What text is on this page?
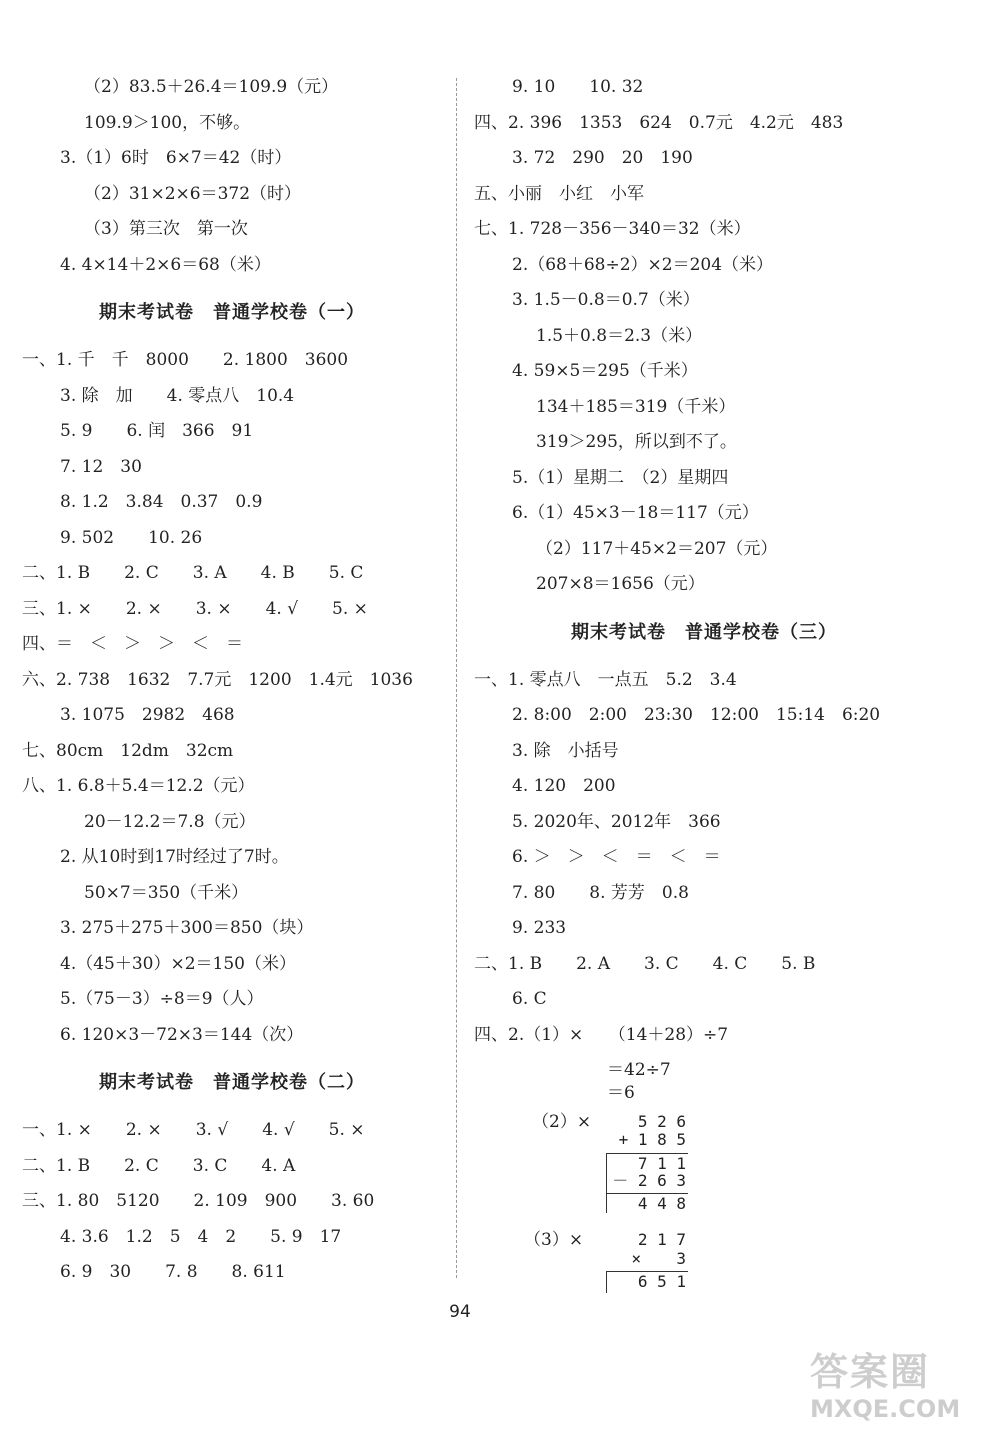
（2）83.5＋26.4＝109.9（元）
109.9＞100，不够。
3.（1）6时　6×7＝42（时）
（2）31×2×6＝372（时）
（3）第三次　第一次
4. 4×14＋2×6＝68（米）
期末考试卷　普通学校卷（一）
一、1. 千　千　8000　　2. 1800　3600
3. 除　加　　4. 零点八　10.4
5. 9　　6. 闰　366　91
7. 12　30
8. 1.2　3.84　0.37　0.9
9. 502　　10. 26
二、1. B　　2. C　　3. A　　4. B　　5. C
三、1. ×　　2. ×　　3. ×　　4. √　　5. ×
四、＝　＜　＞　＞　＜　＝
六、2. 738　1632　7.7元　1200　1.4元　1036
3. 1075　2982　468
七、80cm　12dm　32cm
八、1. 6.8＋5.4＝12.2（元）
20－12.2＝7.8（元）
2. 从10时到17时经过了7时。
50×7＝350（千米）
3. 275＋275＋300＝850（块）
4.（45＋30）×2＝150（米）
5.（75－3）÷8＝9（人）
6. 120×3－72×3＝144（次）
期末考试卷　普通学校卷（二）
一、1. ×　　2. ×　　3. √　　4. √　　5. ×
二、1. B　　2. C　　3. C　　4. A
三、1. 80　5120　　2. 109　900　　3. 60
4. 3.6　1.2　5　4　2　　5. 9　17
6. 9　30　　7. 8　　8. 611
9. 10　　10. 32
四、2. 396　1353　624　0.7元　4.2元　483
3. 72　290　20　190
五、小丽　小红　小军
七、1. 728－356－340＝32（米）
2.（68＋68÷2）×2＝204（米）
3. 1.5－0.8＝0.7（米）
1.5＋0.8＝2.3（米）
4. 59×5＝295（千米）
134＋185＝319（千米）
319＞295，所以到不了。
5.（1）星期二　（2）星期四
6.（1）45×3－18＝117（元）
（2）117＋45×2＝207（元）
207×8＝1656（元）
期末考试卷　普通学校卷（三）
一、1. 零点八　一点五　5.2　3.4
2. 8:00　2:00　23:30　12:00　15:14　6:20
3. 除　小括号
4. 120　200
5. 2020年、2012年　366
6. ＞　＞　＜　＝　＜　＝
7. 80　　8. 芳芳　0.8
9. 233
二、1. B　　2. A　　3. C　　4. C　　5. B
6. C
四、2.（1）×　　（14＋28）÷7
＝42÷7
＝6
（2）×	5 2 6
+ 1 8 5
7 1 1
－ 2 6 3
4 4 8
（3）×	2 1 7
× 　 3
6 5 1
94
答案圈
MXQE.COM
